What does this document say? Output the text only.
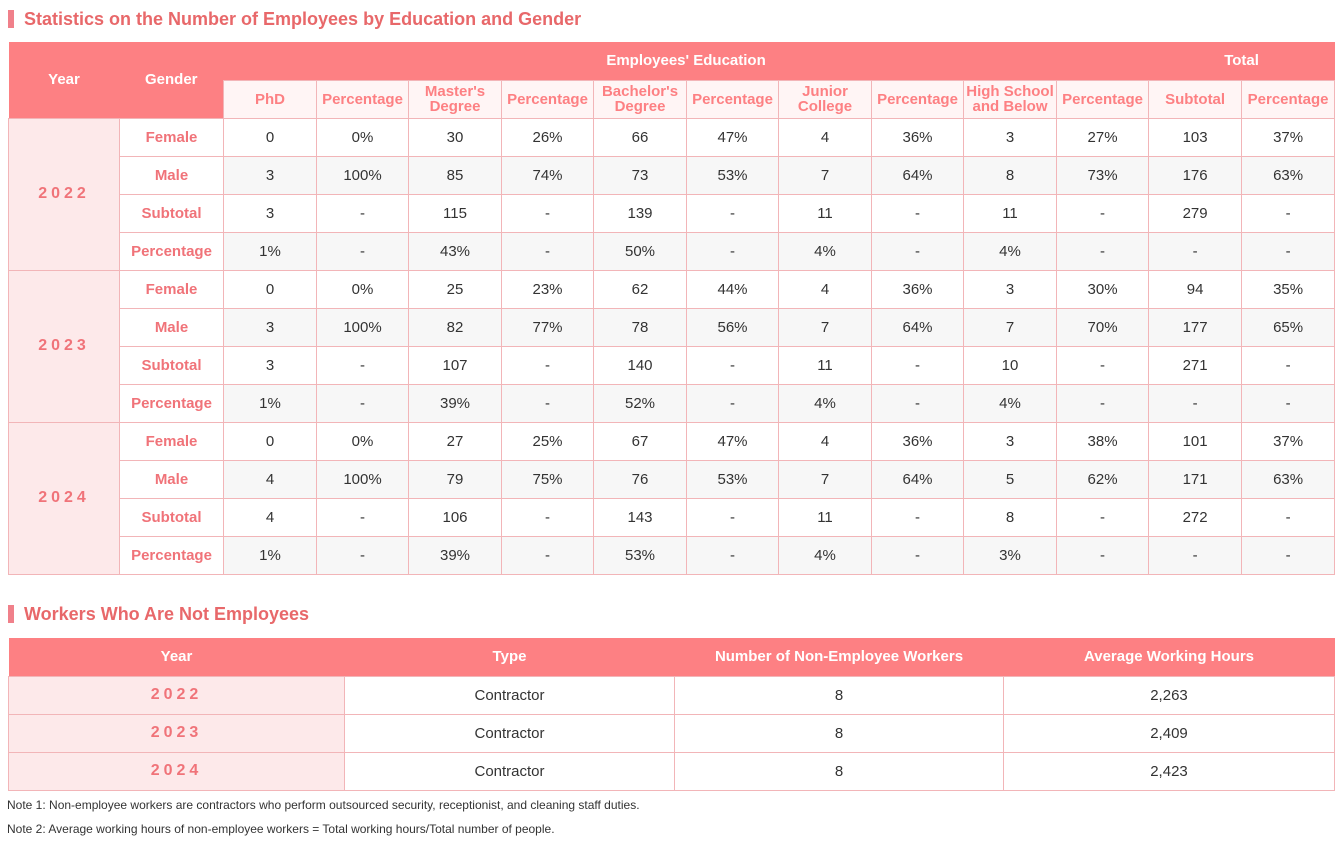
Statistics on the Number of Employees by Education and Gender
Year	Gender	Employees' Education										Total	
		PhD	Percentage	Master's Degree	Percentage	Bachelor's Degree	Percentage	Junior College	Percentage	High School and Below	Percentage	Subtotal	Percentage
2022	Female	0	0%	30	26%	66	47%	4	36%	3	27%	103	37%
	Male	3	100%	85	74%	73	53%	7	64%	8	73%	176	63%
	Subtotal	3	-	115	-	139	-	11	-	11	-	279	-
	Percentage	1%	-	43%	-	50%	-	4%	-	4%	-	-	-
2023	Female	0	0%	25	23%	62	44%	4	36%	3	30%	94	35%
	Male	3	100%	82	77%	78	56%	7	64%	7	70%	177	65%
	Subtotal	3	-	107	-	140	-	11	-	10	-	271	-
	Percentage	1%	-	39%	-	52%	-	4%	-	4%	-	-	-
2024	Female	0	0%	27	25%	67	47%	4	36%	3	38%	101	37%
	Male	4	100%	79	75%	76	53%	7	64%	5	62%	171	63%
	Subtotal	4	-	106	-	143	-	11	-	8	-	272	-
	Percentage	1%	-	39%	-	53%	-	4%	-	3%	-	-	-
Workers Who Are Not Employees
Year	Type	Number of Non-Employee Workers	Average Working Hours
2022	Contractor	8	2,263
2023	Contractor	8	2,409
2024	Contractor	8	2,423
Note 1: Non-employee workers are contractors who perform outsourced security, receptionist, and cleaning staff duties.
Note 2: Average working hours of non-employee workers = Total working hours/Total number of people.
